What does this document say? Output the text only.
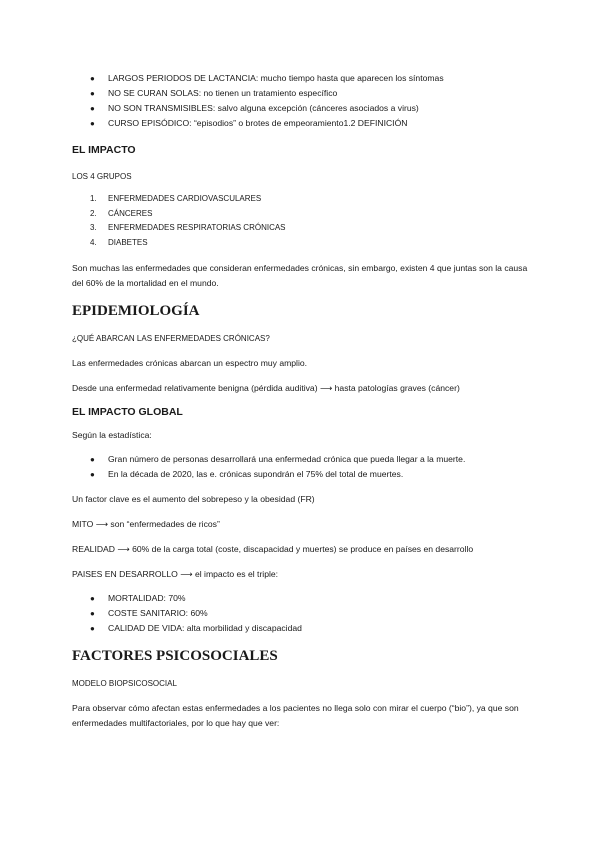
● LARGOS PERIODOS DE LACTANCIA: mucho tiempo hasta que aparecen los síntomas
● NO SE CURAN SOLAS: no tienen un tratamiento específico
● NO SON TRANSMISIBLES: salvo alguna excepción (cánceres asociados a virus)
● CURSO EPISÓDICO: “episodios” o brotes de empeoramiento1.2 DEFINICIÓN
EL IMPACTO

LOS 4 GRUPOS

1. ENFERMEDADES CARDIOVASCULARES
2. CÁNCERES
3. ENFERMEDADES RESPIRATORIAS CRÓNICAS
4. DIABETES

Son muchas las enfermedades que consideran enfermedades crónicas, sin embargo, existen 4 que juntas son la causa del 60% de la mortalidad en el mundo.

EPIDEMIOLOGÍA

¿QUÉ ABARCAN LAS ENFERMEDADES CRÓNICAS?

Las enfermedades crónicas abarcan un espectro muy amplio.

Desde una enfermedad relativamente benigna (pérdida auditiva) ⟶ hasta patologías graves (cáncer)

EL IMPACTO GLOBAL

Según la estadística:

● Gran número de personas desarrollará una enfermedad crónica que pueda llegar a la muerte.
● En la década de 2020, las e. crónicas supondrán el 75% del total de muertes.

Un factor clave es el aumento del sobrepeso y la obesidad (FR)

MITO ⟶ son “enfermedades de ricos”

REALIDAD ⟶ 60% de la carga total (coste, discapacidad y muertes) se produce en países en desarrollo

PAISES EN DESARROLLO ⟶ el impacto es el triple:

● MORTALIDAD: 70%
● COSTE SANITARIO: 60%
● CALIDAD DE VIDA: alta morbilidad y discapacidad
FACTORES PSICOSOCIALES

MODELO BIOPSICOSOCIAL

Para observar cómo afectan estas enfermedades a los pacientes no llega solo con mirar el cuerpo (“bio”), ya que son enfermedades multifactoriales, por lo que hay que ver:
